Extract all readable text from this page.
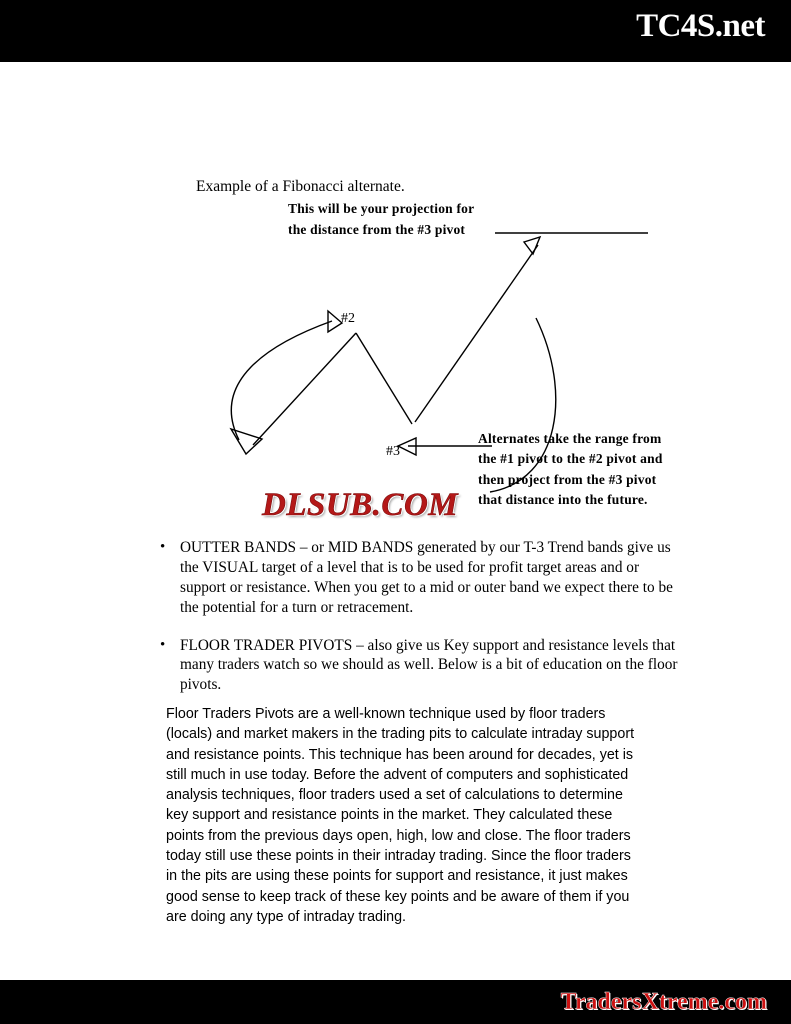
TC4S.net
Example of a Fibonacci alternate.
This will be your projection for
the distance from the #3 pivot
Alternates take the range from the #1 pivot to the #2 pivot and then project from the #3 pivot that distance into the future.
#2
#3
DLSUB.COM
• OUTTER BANDS – or MID BANDS generated by our T-3 Trend bands give us the VISUAL target of a level that is to be used for profit target areas and or support or resistance. When you get to a mid or outer band we expect there to be the potential for a turn or retracement.
• FLOOR TRADER PIVOTS – also give us Key support and resistance levels that many traders watch so we should as well. Below is a bit of education on the floor pivots.
Floor Traders Pivots are a well-known technique used by floor traders (locals) and market makers in the trading pits to calculate intraday support and resistance points. This technique has been around for decades, yet is still much in use today. Before the advent of computers and sophisticated analysis techniques, floor traders used a set of calculations to determine key support and resistance points in the market. They calculated these points from the previous days open, high, low and close. The floor traders today still use these points in their intraday trading. Since the floor traders in the pits are using these points for support and resistance, it just makes good sense to keep track of these key points and be aware of them if you are doing any type of intraday trading.
TradersXtreme.com
